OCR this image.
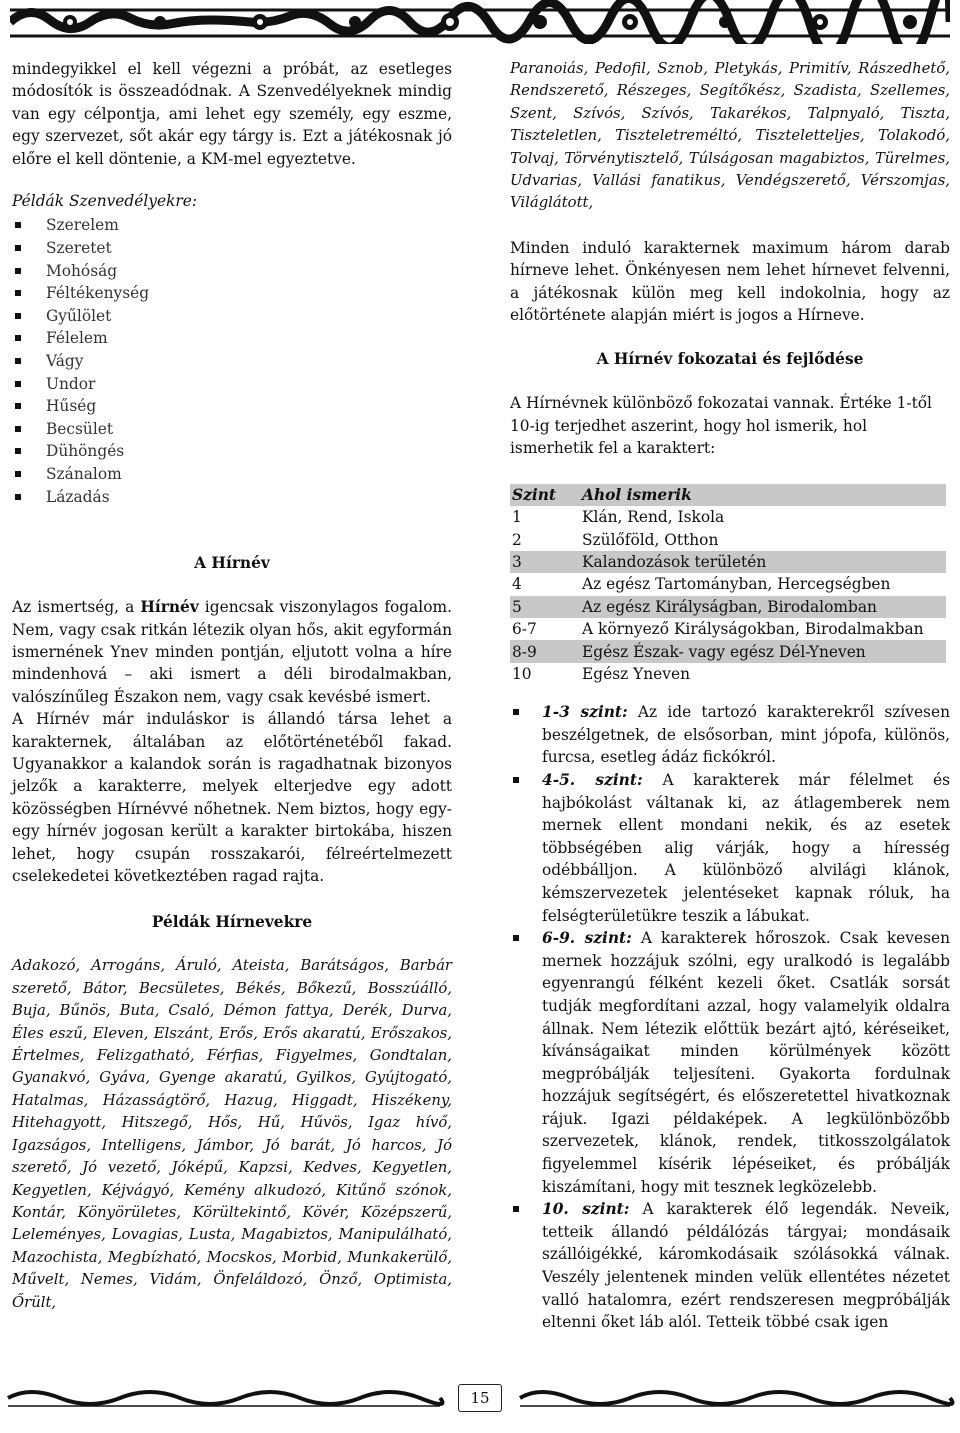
mindegyikkel el kell végezni a próbát, az esetleges módosítók is összeadódnak. A Szenvedélyeknek mindig van egy célpontja, ami lehet egy személy, egy eszme, egy szervezet, sőt akár egy tárgy is. Ezt a játékosnak jó előre el kell döntenie, a KM-mel egyeztetve.

Példák Szenvedélyekre:
Szerelem
Szeretet
Mohóság
Féltékenység
Gyűlölet
Félelem
Vágy
Undor
Hűség
Becsület
Dühöngés
Szánalom
Lázadás
A Hírnév

Az ismertség, a Hírnév igencsak viszonylagos fogalom. Nem, vagy csak ritkán létezik olyan hős, akit egyformán ismernének Ynev minden pontján, eljutott volna a híre mindenhová – aki ismert a déli birodalmakban, valószínűleg Északon nem, vagy csak kevésbé ismert.

A Hírnév már induláskor is állandó társa lehet a karakternek, általában az előtörténetéből fakad. Ugyanakkor a kalandok során is ragadhatnak bizonyos jelzők a karakterre, melyek elterjedve egy adott közösségben Hírnévvé nőhetnek. Nem biztos, hogy egy-egy hírnév jogosan került a karakter birtokába, hiszen lehet, hogy csupán rosszakarói, félreértelmezett cselekedetei következtében ragad rajta.

Példák Hírnevekre

Adakozó, Arrogáns, Áruló, Ateista, Barátságos, Barbár szerető, Bátor, Becsületes, Békés, Bőkezű, Bosszúálló, Buja, Bűnös, Buta, Csaló, Démon fattya, Derék, Durva, Éles eszű, Eleven, Elszánt, Erős, Erős akaratú, Erőszakos, Értelmes, Felizgatható, Férfias, Figyelmes, Gondtalan, Gyanakvó, Gyáva, Gyenge akaratú, Gyilkos, Gyújtogató, Hatalmas, Házasságtörő, Hazug, Higgadt, Hiszékeny, Hitehagyott, Hitszegő, Hős, Hű, Hűvös, Igaz hívő, Igazságos, Intelligens, Jámbor, Jó barát, Jó harcos, Jó szerető, Jó vezető, Jóképű, Kapzsi, Kedves, Kegyetlen, Kegyetlen, Kéjvágyó, Kemény alkudozó, Kitűnő szónok, Kontár, Könyörületes, Körültekintő, Kövér, Középszerű, Leleményes, Lovagias, Lusta, Magabiztos, Manipulálható, Mazochista, Megbízható, Mocskos, Morbid, Munkakerülő, Művelt, Nemes, Vidám, Önfeláldozó, Önző, Optimista, Őrült,

Paranoiás, Pedofil, Sznob, Pletykás, Primitív, Rászedhető, Rendszerető, Részeges, Segítőkész, Szadista, Szellemes, Szent, Szívós, Szívós, Takarékos, Talpnyaló, Tiszta, Tiszteletlen, Tiszteletreméltó, Tiszteletteljes, Tolakodó, Tolvaj, Törvénytisztelő, Túlságosan magabiztos, Türelmes, Udvarias, Vallási fanatikus, Vendégszerető, Vérszomjas, Világlátott,

Minden induló karakternek maximum három darab hírneve lehet. Önkényesen nem lehet hírnevet felvenni, a játékosnak külön meg kell indokolnia, hogy az előtörténete alapján miért is jogos a Hírneve.

A Hírnév fokozatai és fejlődése

A Hírnévnek különböző fokozatai vannak. Értéke 1-től 10-ig terjedhet aszerint, hogy hol ismerik, hol ismerhetik fel a karaktert:

Szint	Ahol ismerik
1	Klán, Rend, Iskola
2	Szülőföld, Otthon
3	Kalandozások területén
4	Az egész Tartományban, Hercegségben
5	Az egész Királyságban, Birodalomban
6-7	A környező Királyságokban, Birodalmakban
8-9	Egész Észak- vagy egész Dél-Yneven
10	Egész Yneven
1-3 szint: Az ide tartozó karakterekről szívesen beszélgetnek, de elsősorban, mint jópofa, különös, furcsa, esetleg ádáz fickókról.
4-5. szint: A karakterek már félelmet és hajbókolást váltanak ki, az átlagemberek nem mernek ellent mondani nekik, és az esetek többségében alig várják, hogy a híresség odébbálljon. A különböző alvilági klánok, kémszervezetek jelentéseket kapnak róluk, ha felségterületükre teszik a lábukat.
6-9. szint: A karakterek hőroszok. Csak kevesen mernek hozzájuk szólni, egy uralkodó is legalább egyenrangú félként kezeli őket. Csatlák sorsát tudják megfordítani azzal, hogy valamelyik oldalra állnak. Nem létezik előttük bezárt ajtó, kéréseiket, kívánságaikat minden körülmények között megpróbálják teljesíteni. Gyakorta fordulnak hozzájuk segítségért, és előszeretettel hivatkoznak rájuk. Igazi példaképek. A legkülönbözőbb szervezetek, klánok, rendek, titkosszolgálatok figyelemmel kísérik lépéseiket, és próbálják kiszámítani, hogy mit tesznek legközelebb.
10. szint: A karakterek élő legendák. Neveik, tetteik állandó példálózás tárgyai; mondásaik szállóigékké, káromkodásaik szólásokká válnak. Veszély jelentenek minden velük ellentétes nézetet valló hatalomra, ezért rendszeresen megpróbálják eltenni őket láb alól. Tetteik többé csak igen
15
